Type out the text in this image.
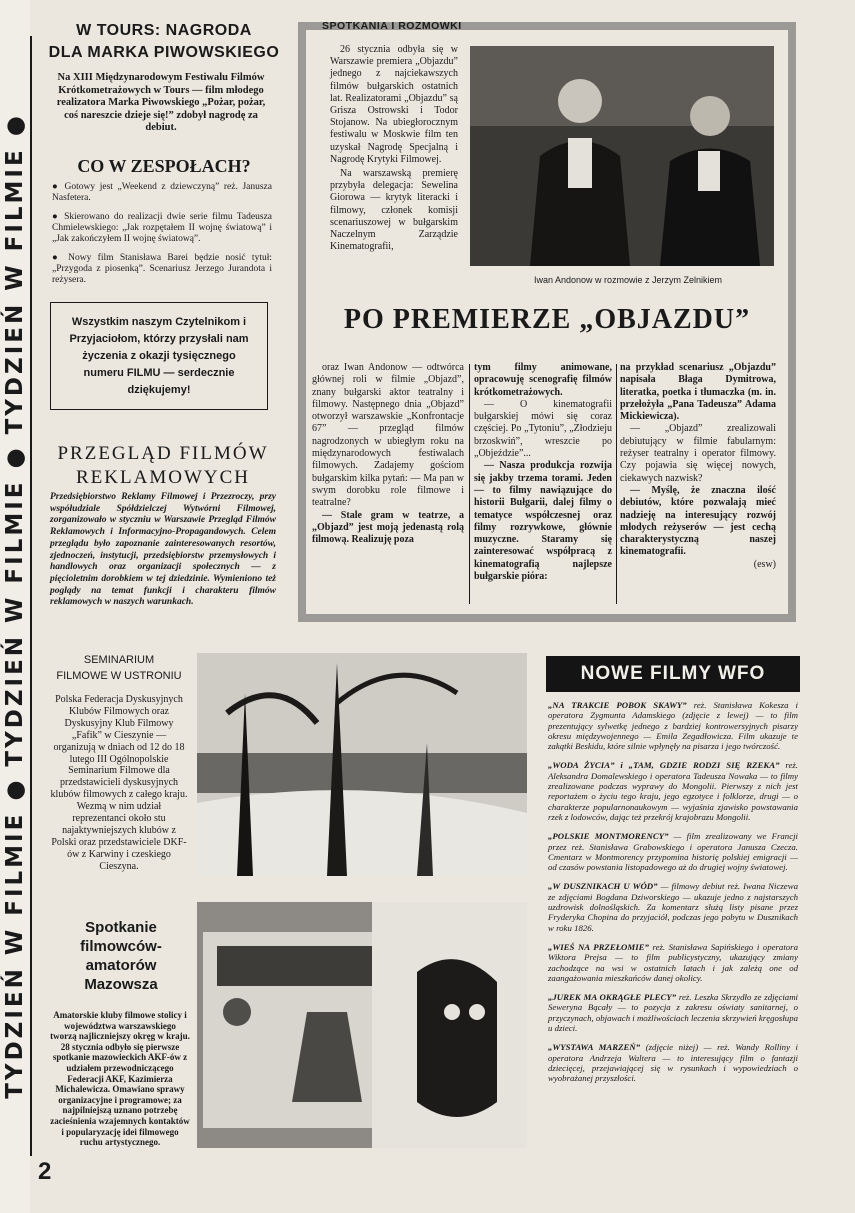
TYDZIEŃ W FILMIE ● TYDZIEŃ W FILMIE ● TYDZIEŃ W FILMIE ●
W TOURS: NAGRODA
DLA MARKA PIWOWSKIEGO
Na XIII Międzynarodowym Festiwalu Filmów Krótkometrażowych w Tours — film młodego realizatora Marka Piwowskiego „Pożar, pożar, coś nareszcie dzieje się!” zdobył nagrodę za debiut.
CO W ZESPOŁACH?
● Gotowy jest „Weekend z dziewczyną” reż. Janusza Nasfetera.
● Skierowano do realizacji dwie serie filmu Tadeusza Chmielewskiego: „Jak rozpętałem II wojnę światową” i „Jak zakończyłem II wojnę światową”.
● Nowy film Stanisława Barei będzie nosić tytuł: „Przygoda z piosenką”. Scenariusz Jerzego Jurandota i reżysera.
Wszystkim naszym Czytelnikom i Przyjaciołom, którzy przysłali nam życzenia z okazji tysięcznego numeru FILMU — serdecznie dziękujemy!
PRZEGLĄD FILMÓW
REKLAMOWYCH
Przedsiębiorstwo Reklamy Filmowej i Przezroczy, przy współudziale Spółdzielczej Wytwórni Filmowej, zorganizowało w styczniu w Warszawie Przegląd Filmów Reklamowych i Informacyjno-Propagandowych. Celem przeglądu było zapoznanie zainteresowanych resortów, zjednoczeń, instytucji, przedsiębiorstw przemysłowych i handlowych oraz organizacji społecznych — z pięcioletnim dorobkiem w tej dziedzinie. Wymieniono też poglądy na temat funkcji i charakteru filmów reklamowych w naszych warunkach.
SEMINARIUM
FILMOWE W USTRONIU
Polska Federacja Dyskusyjnych Klubów Filmowych oraz Dyskusyjny Klub Filmowy „Fafik” w Cieszynie — organizują w dniach od 12 do 18 lutego III Ogólnopolskie Seminarium Filmowe dla przedstawicieli dyskusyjnych klubów filmowych z całego kraju. Wezmą w nim udział reprezentanci około stu najaktywniejszych klubów z Polski oraz przedstawiciele DKF-ów z Karwiny i czeskiego Cieszyna.
Spotkanie
filmowców-
amatorów
Mazowsza
Amatorskie kluby filmowe stolicy i województwa warszawskiego tworzą najliczniejszy okręg w kraju. 28 stycznia odbyło się pierwsze spotkanie mazowieckich AKF-ów z udziałem przewodniczącego Federacji AKF, Kazimierza Michalewicza. Omawiano sprawy organizacyjne i programowe; za najpilniejszą uznano potrzebę zacieśnienia wzajemnych kontaktów i popularyzację idei filmowego ruchu artystycznego.
SPOTKANIA I ROZMOWKI

26 stycznia odbyła się w Warszawie premiera „Objazdu” jednego z najciekawszych filmów bułgarskich ostatnich lat. Realizatorami „Objazdu” są Grisza Ostrowski i Todor Stojanow. Na ubiegłorocznym festiwalu w Moskwie film ten uzyskał Nagrodę Specjalną i Nagrodę Krytyki Filmowej.

Na warszawską premierę przybyła delegacja: Sewelina Giorowa — krytyk literacki i filmowy, członek komisji scenariuszowej w bułgarskim Naczelnym Zarządzie Kinematografii,

Iwan Andonow w rozmowie z Jerzym Zelnikiem
PO PREMIERZE „OBJAZDU”

oraz Iwan Andonow — odtwórca głównej roli w filmie „Objazd”, znany bułgarski aktor teatralny i filmowy. Następnego dnia „Objazd” otworzył warszawskie „Konfrontacje 67” — przegląd filmów nagrodzonych w ubiegłym roku na międzynarodowych festiwalach filmowych. Zadajemy gościom bułgarskim kilka pytań: — Ma pan w swym dorobku role filmowe i teatralne?

— Stale gram w teatrze, a „Objazd” jest moją jedenastą rolą filmową. Realizuję poza

tym filmy animowane, opracowuję scenografię filmów krótkometrażowych.

— O kinematografii bułgarskiej mówi się coraz częściej. Po „Tytoniu”, „Złodzieju brzoskwiń”, wreszcie po „Objeździe”...

— Nasza produkcja rozwija się jakby trzema torami. Jeden — to filmy nawiązujące do historii Bułgarii, dalej filmy o tematyce współczesnej oraz filmy rozrywkowe, głównie muzyczne. Staramy się zainteresować współpracą z kinematografią najlepsze bułgarskie pióra:

na przykład scenariusz „Objazdu” napisała Błaga Dymitrowa, literatka, poetka i tłumaczka (m. in. przełożyła „Pana Tadeusza” Adama Mickiewicza).

— „Objazd” zrealizowali debiutujący w filmie fabularnym: reżyser teatralny i operator filmowy. Czy pojawia się więcej nowych, ciekawych nazwisk?

— Myślę, że znaczna ilość debiutów, które pozwalają mieć nadzieję na interesujący rozwój młodych reżyserów — jest cechą charakterystyczną naszej kinematografii.

(esw)

NOWE FILMY WFO
„NA TRAKCIE POBOK SKAWY” reż. Stanisława Kokesza i operatora Zygmunta Adamskiego (zdjęcie z lewej) — to film prezentujący sylwetkę jednego z bardziej kontrowersyjnych pisarzy okresu międzywojennego — Emila Zegadłowicza. Film ukazuje te zakątki Beskidu, które silnie wpłynęły na pisarza i jego twórczość.
„WODA ŻYCIA” i „TAM, GDZIE RODZI SIĘ RZEKA” reż. Aleksandra Domalewskiego i operatora Tadeusza Nowaka — to filmy zrealizowane podczas wyprawy do Mongolii. Pierwszy z nich jest reportażem o życiu tego kraju, jego egzotyce i folklorze, drugi — o charakterze popularnonaukowym — wyjaśnia zjawisko powstawania rzek z lodowców, dając też przekrój krajobrazu Mongolii.
„POLSKIE MONTMORENCY” — film zrealizowany we Francji przez reż. Stanisława Grabowskiego i operatora Janusza Czecza. Cmentarz w Montmorency przypomina historię polskiej emigracji — od czasów powstania listopadowego aż do drugiej wojny światowej.
„W DUSZNIKACH U WÓD” — filmowy debiut reż. Iwana Niczewa ze zdjęciami Bogdana Dziworskiego — ukazuje jedno z najstarszych uzdrowisk dolnośląskich. Za komentarz służą listy pisane przez Fryderyka Chopina do przyjaciół, podczas jego pobytu w Dusznikach w roku 1826.
„WIEŚ NA PRZEŁOMIE” reż. Stanisława Sapińskiego i operatora Wiktora Prejsa — to film publicystyczny, ukazujący zmiany zachodzące na wsi w ostatnich latach i jak zależą one od zaangażowania mieszkańców danej okolicy.
„JUREK MA OKRĄGŁE PLECY” reż. Leszka Skrzydło ze zdjęciami Seweryna Bącały — to pozycja z zakresu oświaty sanitarnej, o przyczynach, objawach i możliwościach leczenia skrzywień kręgosłupa u dzieci.
„WYSTAWA MARZEŃ” (zdjęcie niżej) — reż. Wandy Rolliny i operatora Andrzeja Waltera — to interesujący film o fantazji dziecięcej, przejawiającej się w rysunkach i wypowiedziach o wyobrażanej przyszłości.
2
